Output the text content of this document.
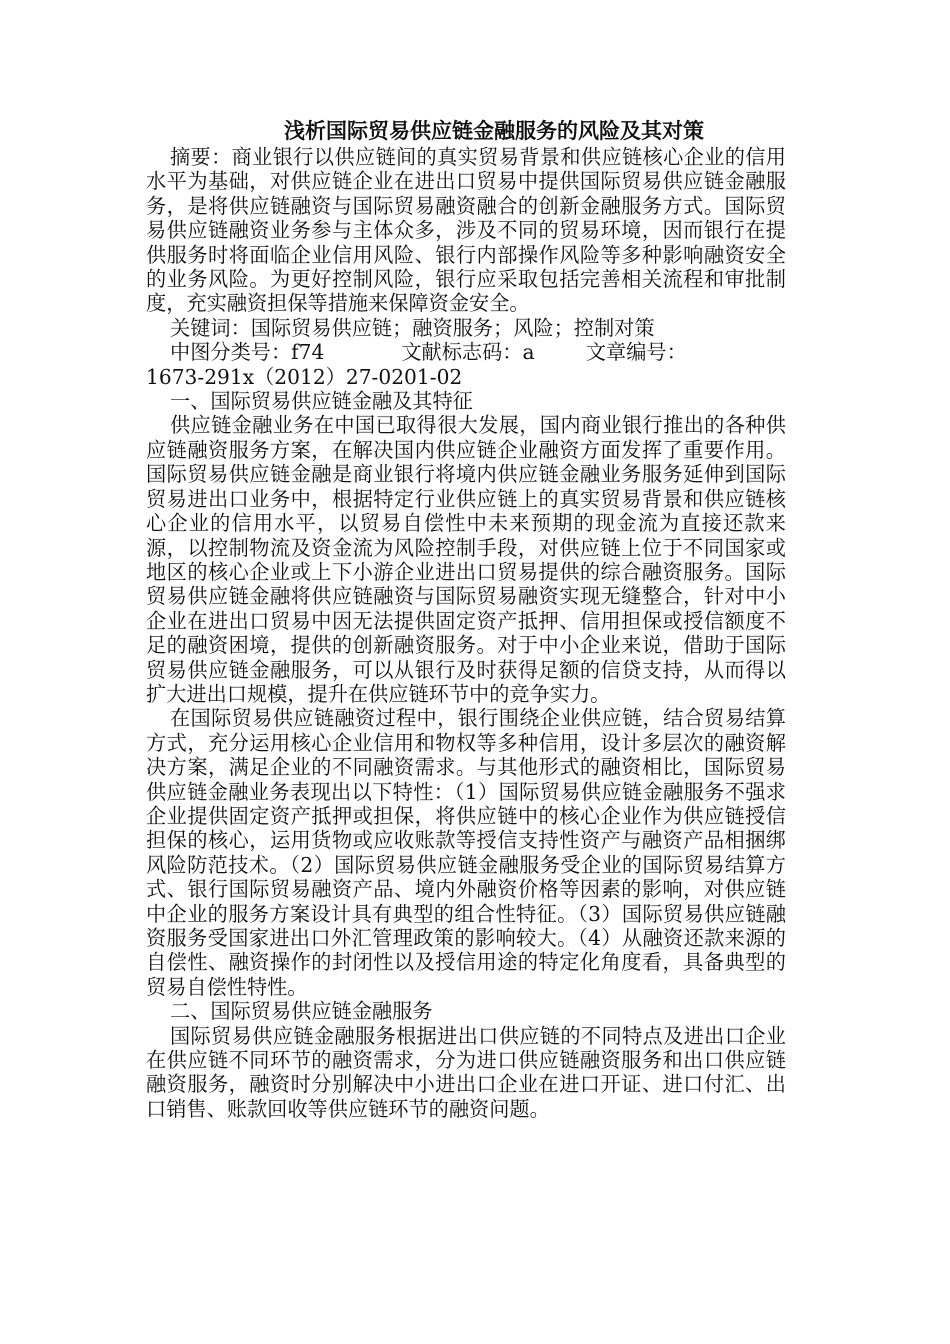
浅析国际贸易供应链金融服务的风险及其对策

摘要：商业银行以供应链间的真实贸易背景和供应链核心企业的信用水平为基础，对供应链企业在进出口贸易中提供国际贸易供应链金融服务，是将供应链融资与国际贸易融资融合的创新金融服务方式。国际贸易供应链融资业务参与主体众多，涉及不同的贸易环境，因而银行在提供服务时将面临企业信用风险、银行内部操作风险等多种影响融资安全的业务风险。为更好控制风险，银行应采取包括完善相关流程和审批制度，充实融资担保等措施来保障资金安全。

关键词：国际贸易供应链；融资服务；风险；控制对策

中图分类号：f74	文献标志码：a	文章编号：

1673-291x（2012）27-0201-02

一、国际贸易供应链金融及其特征

供应链金融业务在中国已取得很大发展，国内商业银行推出的各种供应链融资服务方案，在解决国内供应链企业融资方面发挥了重要作用。国际贸易供应链金融是商业银行将境内供应链金融业务服务延伸到国际贸易进出口业务中，根据特定行业供应链上的真实贸易背景和供应链核心企业的信用水平，以贸易自偿性中未来预期的现金流为直接还款来源，以控制物流及资金流为风险控制手段，对供应链上位于不同国家或地区的核心企业或上下小游企业进出口贸易提供的综合融资服务。国际贸易供应链金融将供应链融资与国际贸易融资实现无缝整合，针对中小企业在进出口贸易中因无法提供固定资产抵押、信用担保或授信额度不足的融资困境，提供的创新融资服务。对于中小企业来说，借助于国际贸易供应链金融服务，可以从银行及时获得足额的信贷支持，从而得以扩大进出口规模，提升在供应链环节中的竞争实力。

在国际贸易供应链融资过程中，银行围绕企业供应链，结合贸易结算方式，充分运用核心企业信用和物权等多种信用，设计多层次的融资解决方案，满足企业的不同融资需求。与其他形式的融资相比，国际贸易供应链金融业务表现出以下特性：（1）国际贸易供应链金融服务不强求企业提供固定资产抵押或担保，将供应链中的核心企业作为供应链授信担保的核心，运用货物或应收账款等授信支持性资产与融资产品相捆绑风险防范技术。（2）国际贸易供应链金融服务受企业的国际贸易结算方式、银行国际贸易融资产品、境内外融资价格等因素的影响，对供应链中企业的服务方案设计具有典型的组合性特征。（3）国际贸易供应链融资服务受国家进出口外汇管理政策的影响较大。（4）从融资还款来源的自偿性、融资操作的封闭性以及授信用途的特定化角度看，具备典型的贸易自偿性特性。

二、国际贸易供应链金融服务

国际贸易供应链金融服务根据进出口供应链的不同特点及进出口企业在供应链不同环节的融资需求，分为进口供应链融资服务和出口供应链融资服务，融资时分别解决中小进出口企业在进口开证、进口付汇、出口销售、账款回收等供应链环节的融资问题。
